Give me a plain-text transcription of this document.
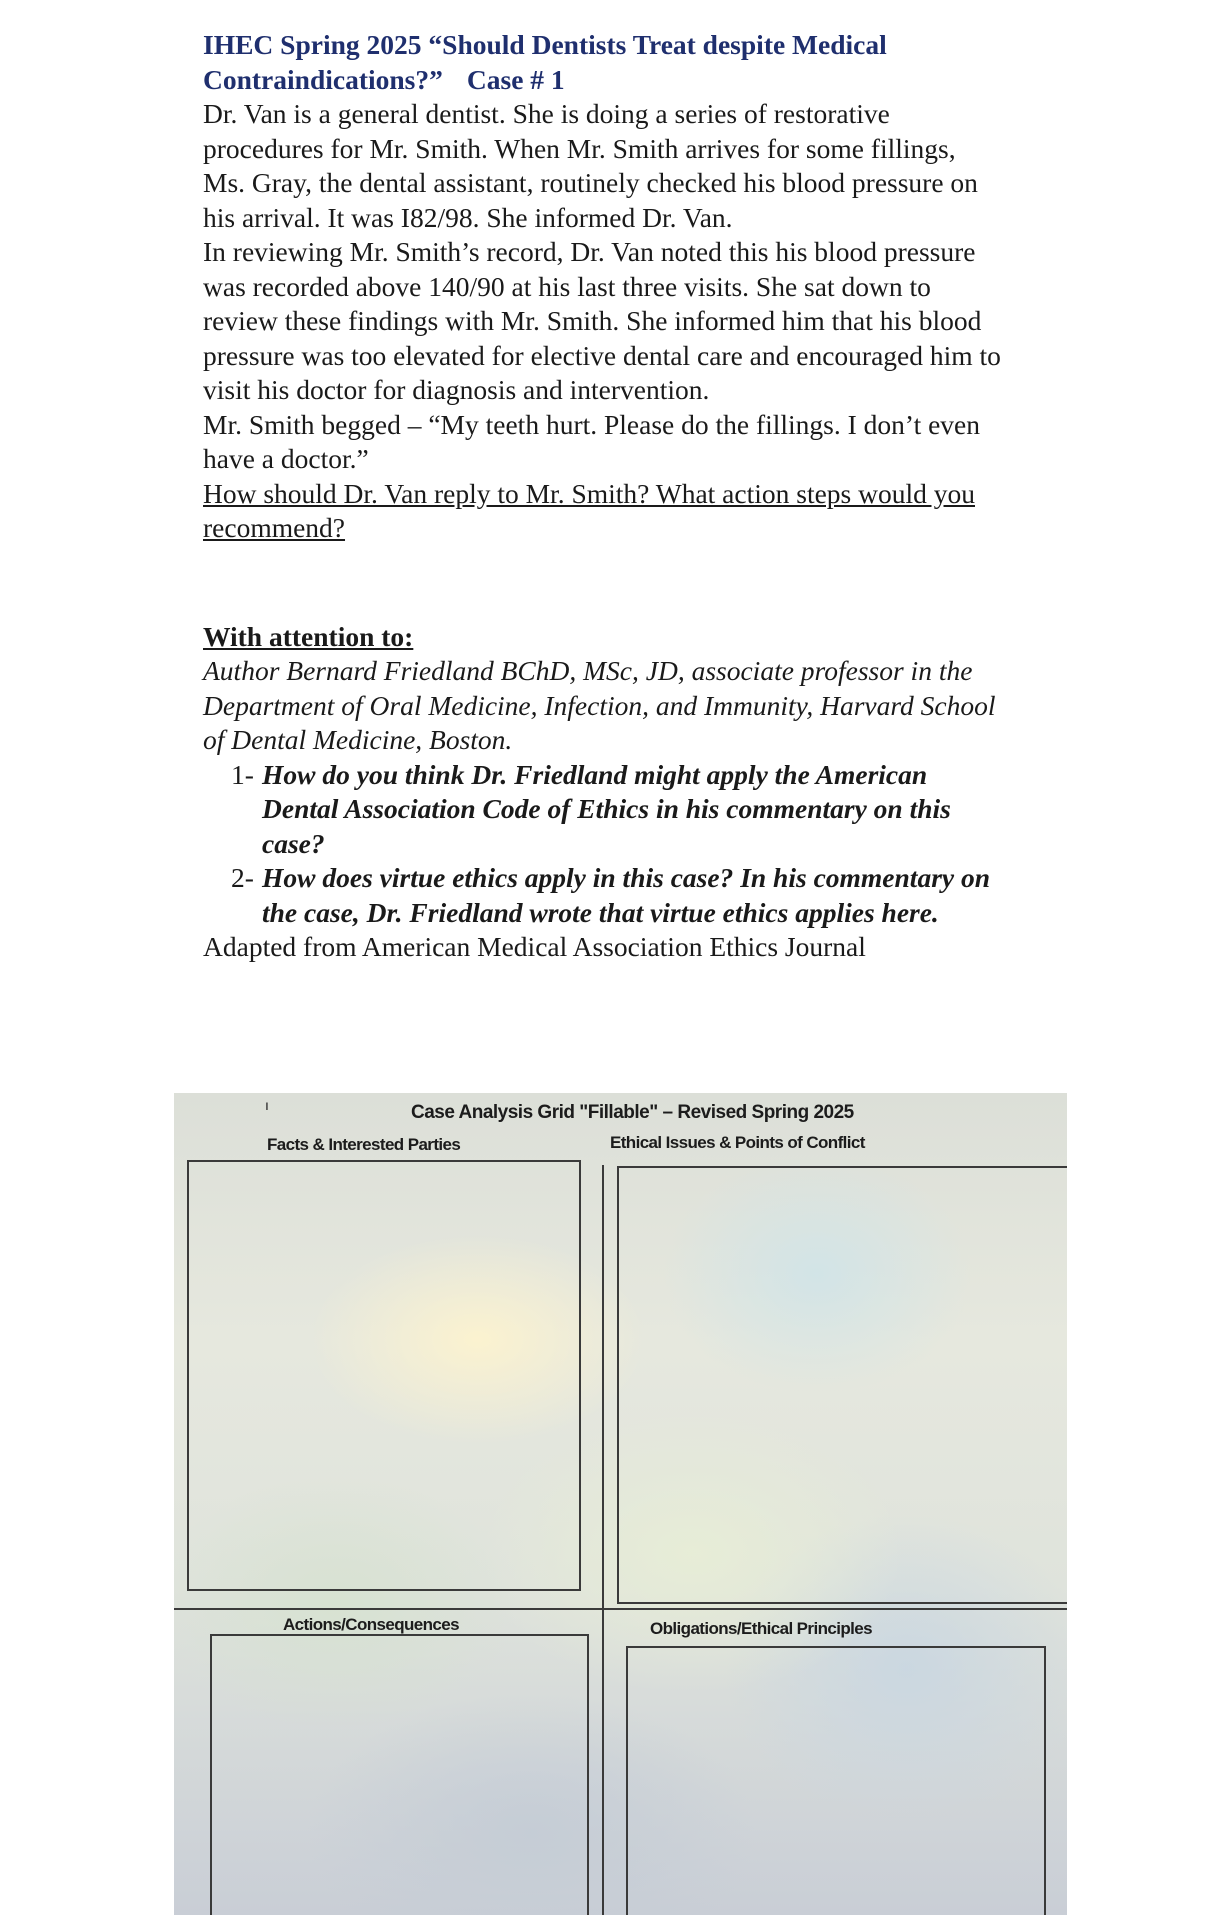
IHEC Spring 2025 “Should Dentists Treat despite Medical Contraindications?” Case # 1

Dr. Van is a general dentist. She is doing a series of restorative procedures for Mr. Smith. When Mr. Smith arrives for some fillings, Ms. Gray, the dental assistant, routinely checked his blood pressure on his arrival. It was I82/98. She informed Dr. Van.

In reviewing Mr. Smith’s record, Dr. Van noted this his blood pressure was recorded above 140/90 at his last three visits. She sat down to review these findings with Mr. Smith. She informed him that his blood pressure was too elevated for elective dental care and encouraged him to visit his doctor for diagnosis and intervention.

Mr. Smith begged – “My teeth hurt. Please do the fillings. I don’t even have a doctor.”

How should Dr. Van reply to Mr. Smith? What action steps would you recommend?

With attention to:

Author Bernard Friedland BChD, MSc, JD, associate professor in the Department of Oral Medicine, Infection, and Immunity, Harvard School of Dental Medicine, Boston.

1- How do you think Dr. Friedland might apply the American Dental Association Code of Ethics in his commentary on this case?
2- How does virtue ethics apply in this case? In his commentary on the case, Dr. Friedland wrote that virtue ethics applies here.

Adapted from American Medical Association Ethics Journal

ı	Case Analysis Grid "Fillable" – Revised Spring 2025
Facts & Interested Parties	Ethical Issues & Points of Conflict
Actions/Consequences	Obligations/Ethical Principles
